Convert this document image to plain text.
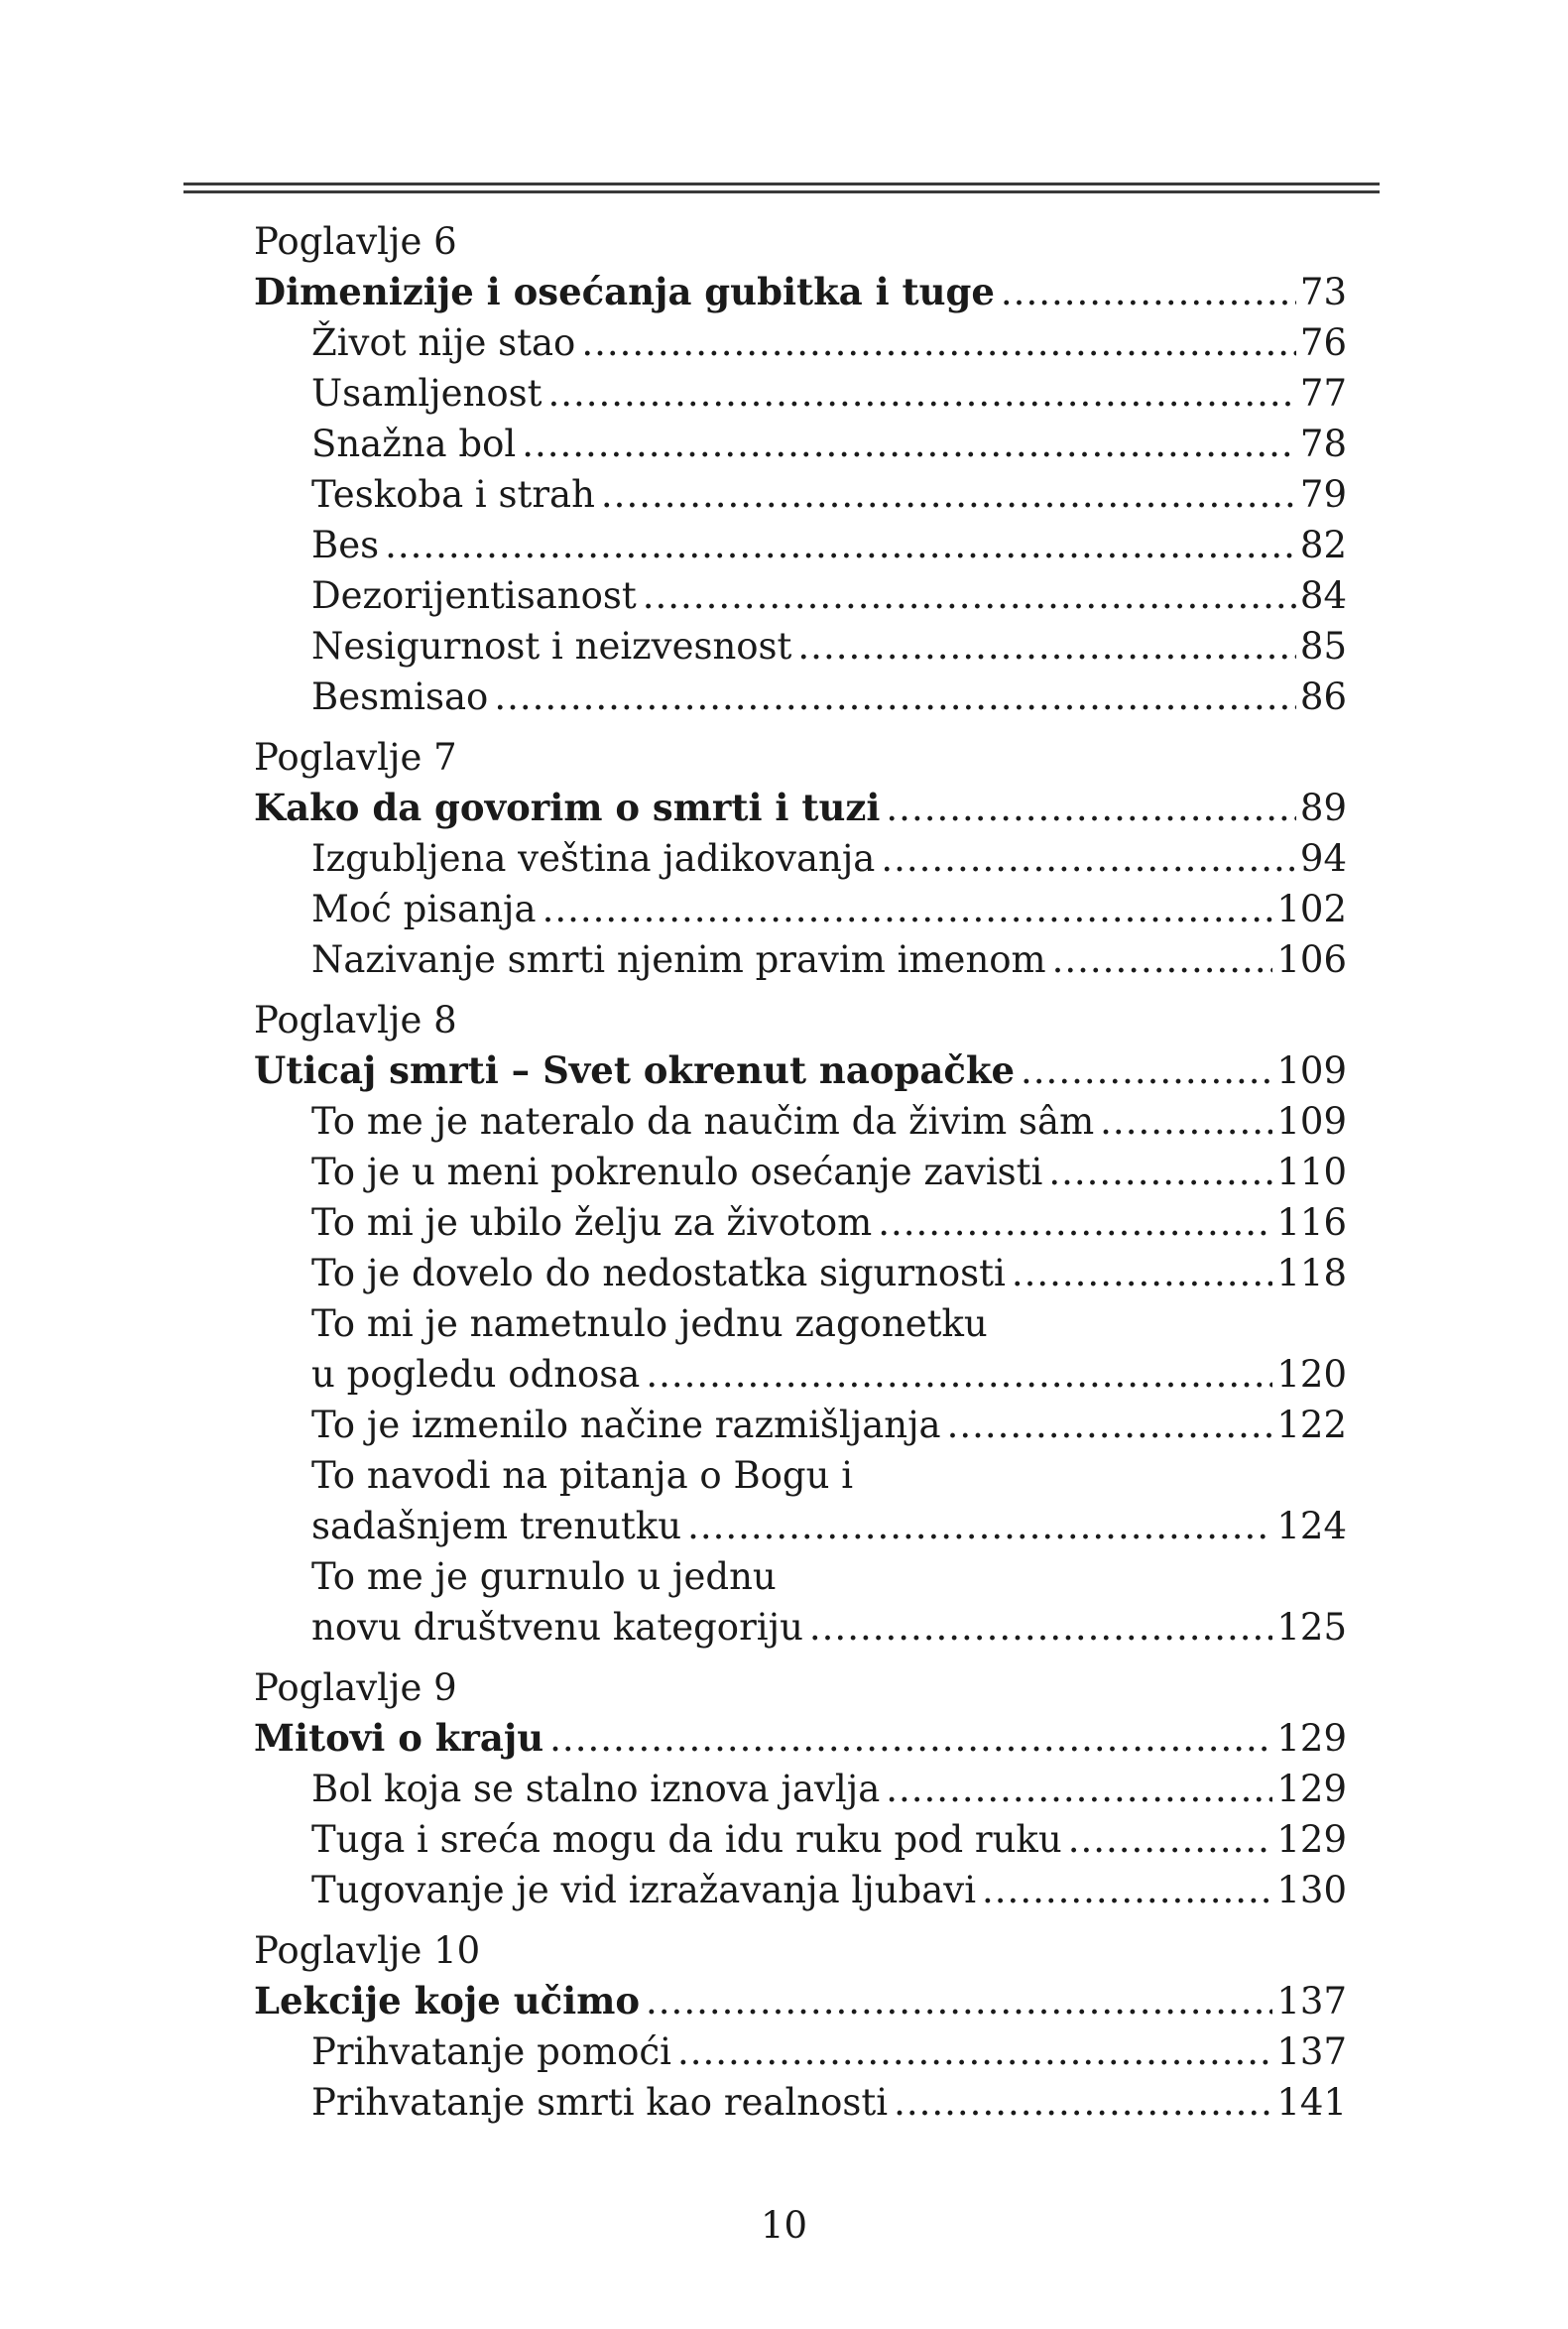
Poglavlje 6
Dimenizije i osećanja gubitka i tuge .....	73
Život nije stao .....	76
Usamljenost .....	77
Snažna bol .....	78
Teskoba i strah .....	79
Bes .....	82
Dezorijentisanost .....	84
Nesigurnost i neizvesnost .....	85
Besmisao .....	86
Poglavlje 7
Kako da govorim o smrti i tuzi .....	89
Izgubljena veština jadikovanja .....	94
Moć pisanja .....	102
Nazivanje smrti njenim pravim imenom .....	106
Poglavlje 8
Uticaj smrti – Svet okrenut naopačke .....	109
To me je nateralo da naučim da živim sâm .....	109
To je u meni pokrenulo osećanje zavisti .....	110
To mi je ubilo želju za životom .....	116
To je dovelo do nedostatka sigurnosti .....	118
To mi je nametnulo jednu zagonetku
u pogledu odnosa .....	120
To je izmenilo načine razmišljanja .....	122
To navodi na pitanja o Bogu i
sadašnjem trenutku .....	124
To me je gurnulo u jednu
novu društvenu kategoriju .....	125
Poglavlje 9
Mitovi o kraju .....	129
Bol koja se stalno iznova javlja .....	129
Tuga i sreća mogu da idu ruku pod ruku .....	129
Tugovanje je vid izražavanja ljubavi .....	130
Poglavlje 10
Lekcije koje učimo .....	137
Prihvatanje pomoći .....	137
Prihvatanje smrti kao realnosti .....	141
10
